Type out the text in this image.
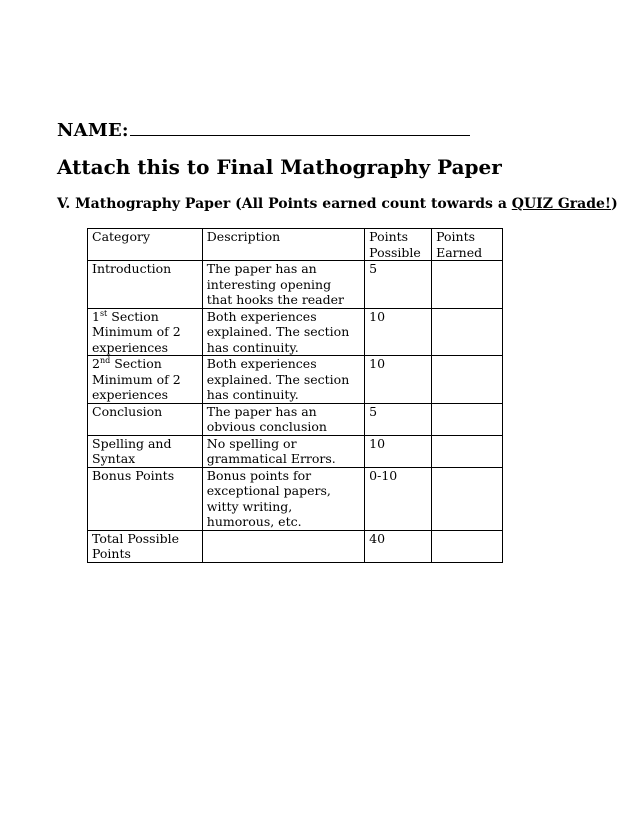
NAME:
Attach this to Final Mathography Paper
V. Mathography Paper (All Points earned count towards a QUIZ Grade!)
Category	Description	Points Possible	Points Earned
Introduction	The paper has an interesting opening that hooks the reader	5	
1st Section Minimum of 2 experiences	Both experiences explained. The section has continuity.	10	
2nd Section Minimum of 2 experiences	Both experiences explained. The section has continuity.	10	
Conclusion	The paper has an obvious conclusion	5	
Spelling and Syntax	No spelling or grammatical Errors.	10	
Bonus Points	Bonus points for exceptional papers, witty writing, humorous, etc.	0-10	
Total Possible Points		40	
